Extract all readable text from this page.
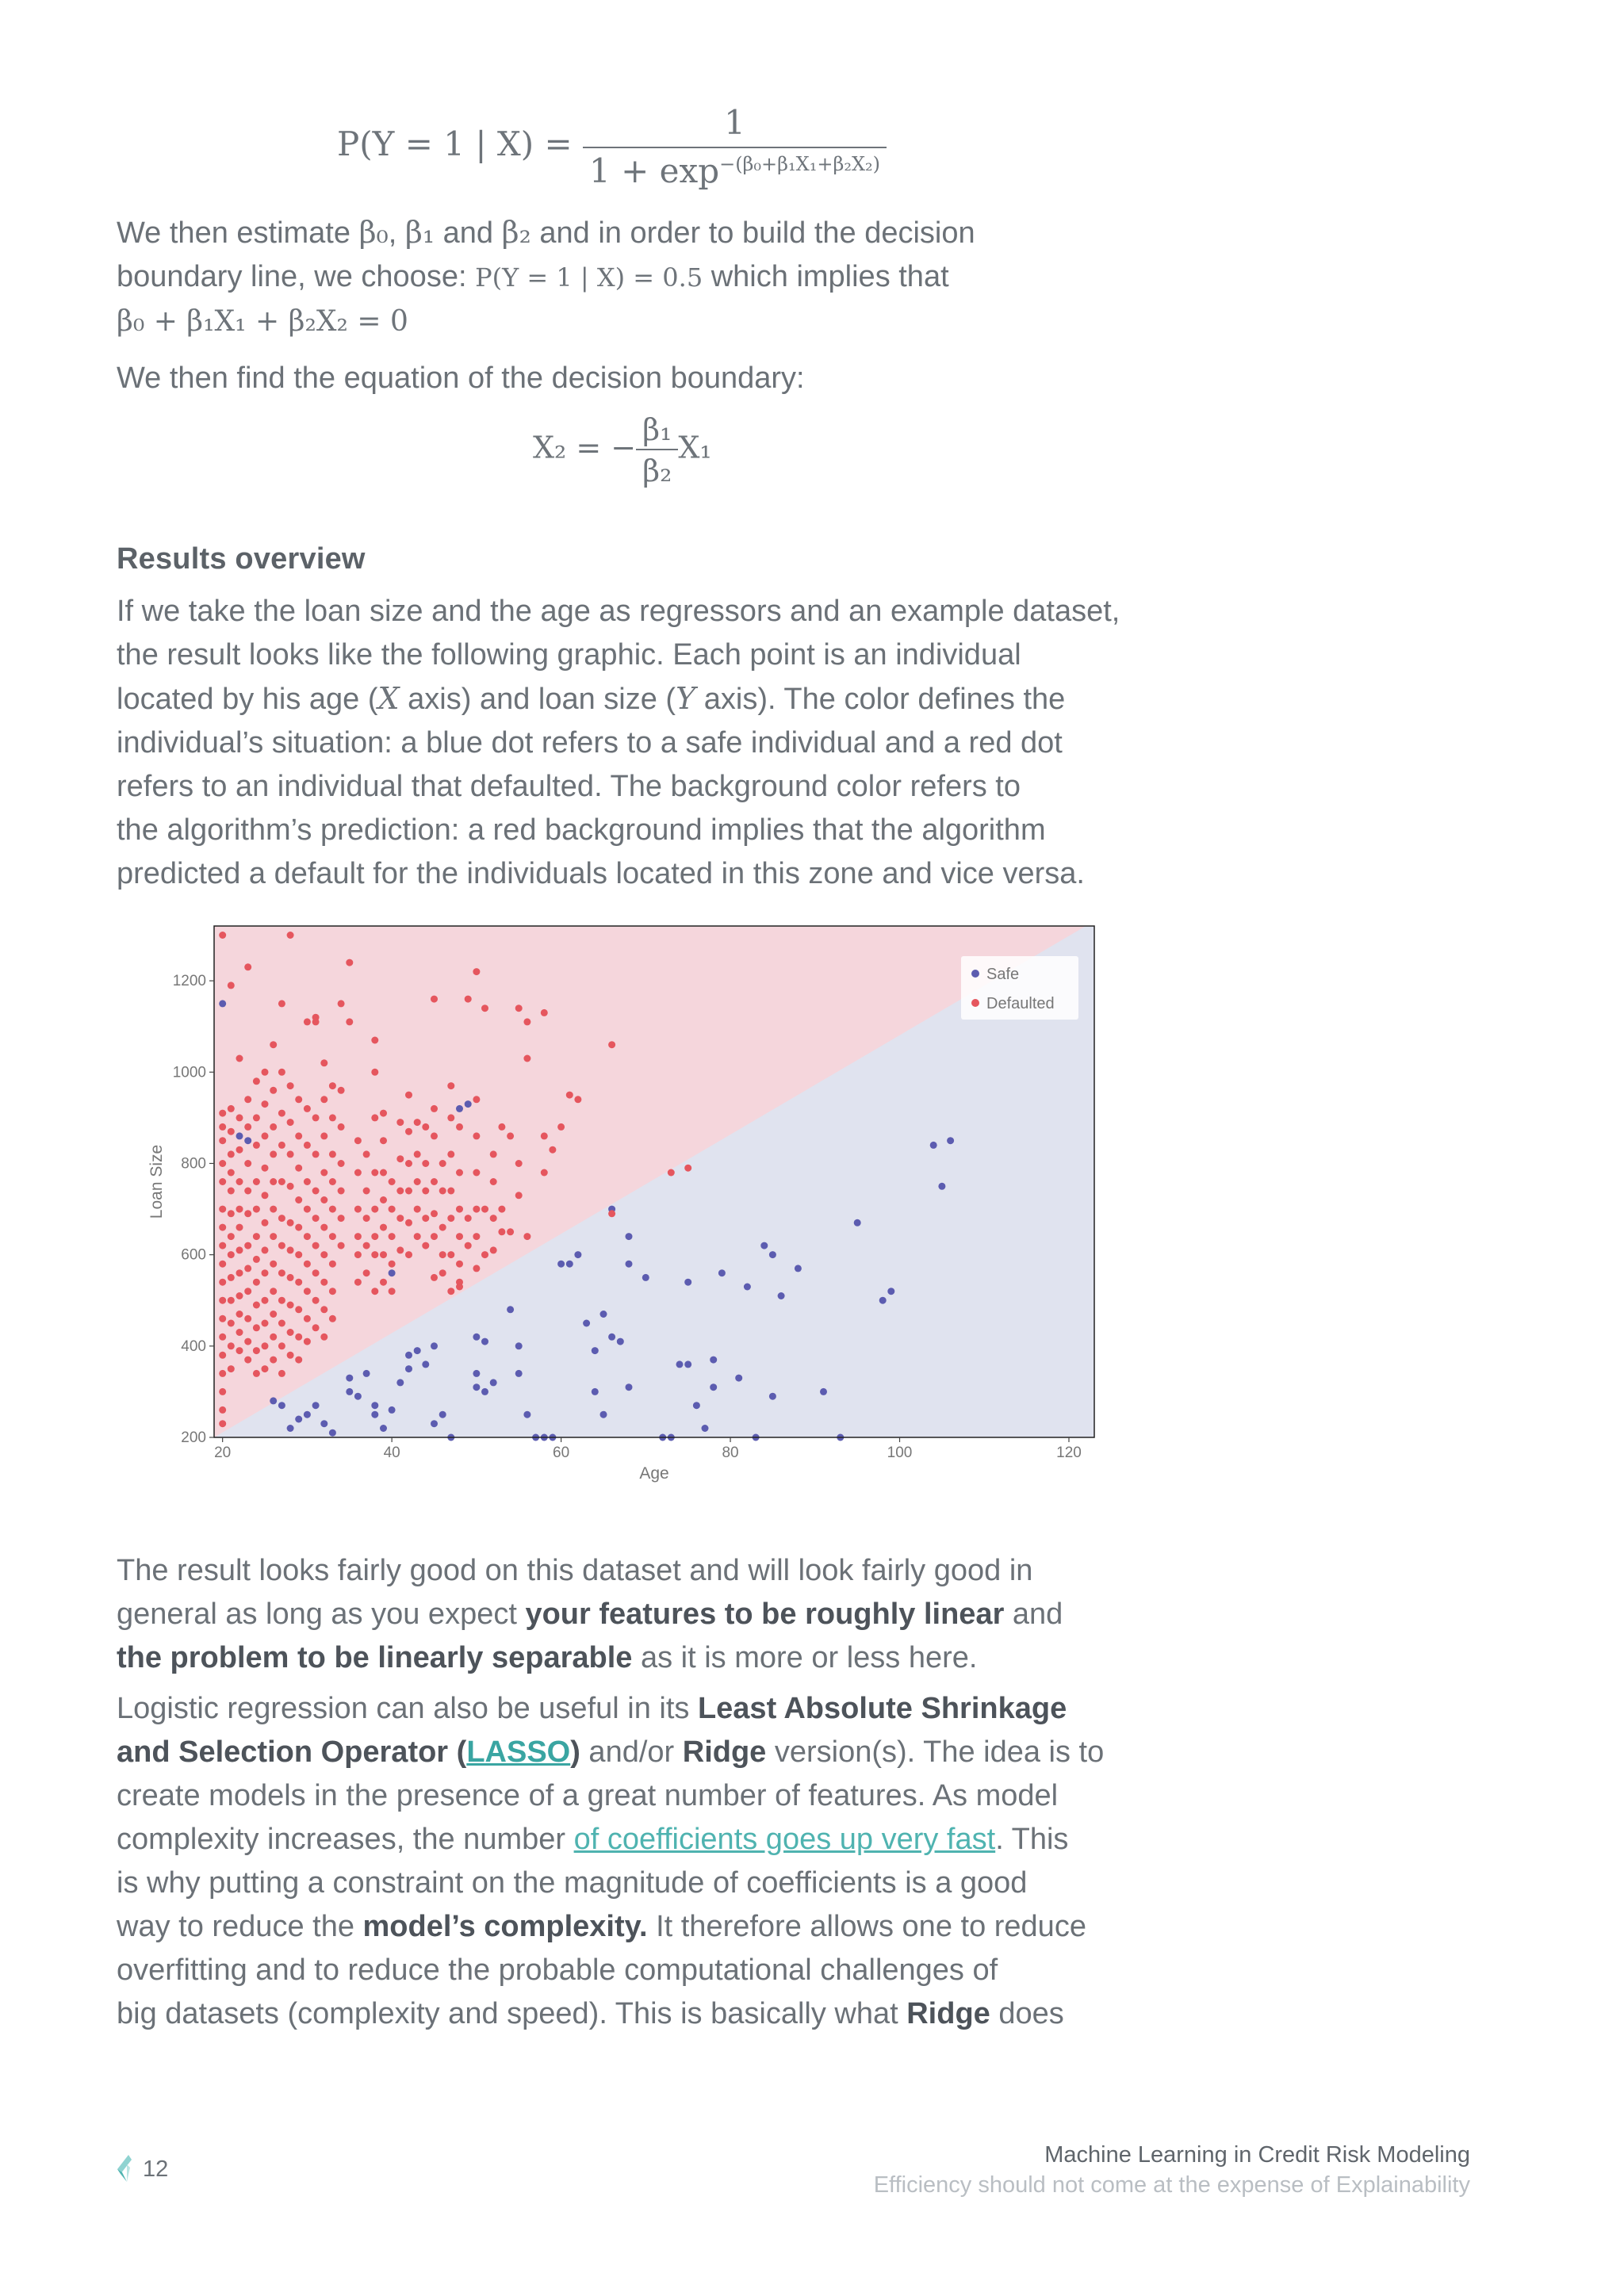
P(Y = 1 | $X) = \frac{1}{1 + \exp^{-(\beta_0+\beta_1X_1+\beta_2X_2)}}$
We then estimate β₀, β₁ and β₂ and in order to build the decision
boundary line, we choose: P(Y = 1 | X) = 0.5 which implies that
β₀ + β₁X₁ + β₂X₂ = 0
We then find the equation of the decision boundary:
X₂ = − $\frac{\text{β₁}}{\text{β₂}} X_1$
Results overview
If we take the loan size and the age as regressors and an example dataset,
the result looks like the following graphic. Each point is an individual
located by his age (X axis) and loan size (Y axis). The color defines the
individual’s situation: a blue dot refers to a safe individual and a red dot
refers to an individual that defaulted. The background color refers to
the algorithm’s prediction: a red background implies that the algorithm
predicted a default for the individuals located in this zone and vice versa.
20	40	60	80	100	120
200
400
600
800
1000
1200
Age
Loan Size
Safe
Defaulted
The result looks fairly good on this dataset and will look fairly good in
general as long as you expect your features to be roughly linear and
the problem to be linearly separable as it is more or less here.
Logistic regression can also be useful in its Least Absolute Shrinkage
and Selection Operator (LASSO) and/or Ridge version(s). The idea is to
create models in the presence of a great number of features. As model
complexity increases, the number of coefficients goes up very fast. This
is why putting a constraint on the magnitude of coefficients is a good
way to reduce the model’s complexity. It therefore allows one to reduce
overfitting and to reduce the probable computational challenges of
big datasets (complexity and speed). This is basically what Ridge does
12
Machine Learning in Credit Risk Modeling
Efficiency should not come at the expense of Explainability
